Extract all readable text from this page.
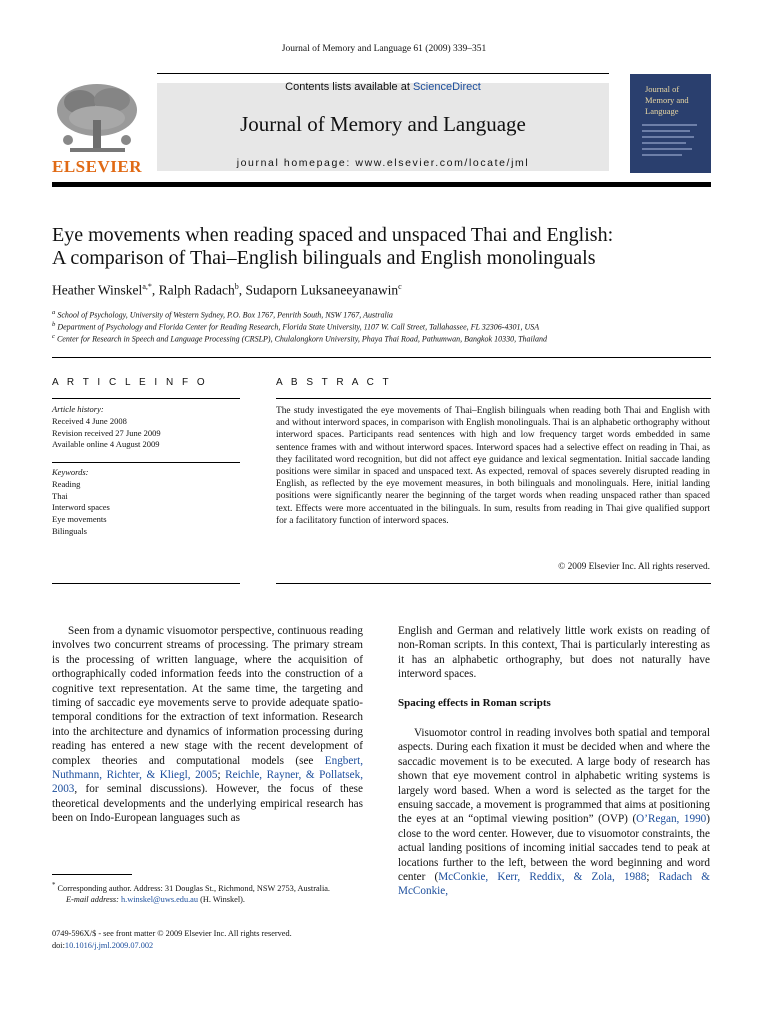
Journal of Memory and Language 61 (2009) 339–351
ELSEVIER
Contents lists available at ScienceDirect
Journal of Memory and Language
journal homepage: www.elsevier.com/locate/jml
Journal of
Memory and
Language
Eye movements when reading spaced and unspaced Thai and English:
A comparison of Thai–English bilinguals and English monolinguals
Heather Winskel$^{a,*}$, Ralph Radach$^b$, Sudaporn Luksaneeyanawin$^c$
$^a$ School of Psychology, University of Western Sydney, P.O. Box 1767, Penrith South, NSW 1767, Australia
$^b$ Department of Psychology and Florida Center for Reading Research, Florida State University, 1107 W. Call Street, Tallahassee, FL 32306-4301, USA
$^c$ Center for Research in Speech and Language Processing (CRSLP), Chulalongkorn University, Phaya Thai Road, Pathumwan, Bangkok 10330, Thailand
A R T I C L E I N F O
Article history:
Received 4 June 2008
Revision received 27 June 2009
Available online 4 August 2009
Keywords:
Reading
Thai
Interword spaces
Eye movements
Bilinguals
A B S T R A C T
The study investigated the eye movements of Thai–English bilinguals when reading both Thai and English with and without interword spaces, in comparison with English monolinguals. Thai is an alphabetic orthography without interword spaces. Participants read sentences with high and low frequency target words embedded in same sentence frames with and without interword spaces. Interword spaces had a selective effect on reading in Thai, as they facilitated word recognition, but did not affect eye guidance and lexical segmentation. Initial saccade landing positions were similar in spaced and unspaced text. As expected, removal of spaces severely disrupted reading in English, as reflected by the eye movement measures, in both bilinguals and monolinguals. Here, initial landing positions were significantly nearer the beginning of the target words when reading unspaced rather than spaced text. Effects were more accentuated in the bilinguals. In sum, results from reading in Thai give qualified support for a facilitatory function of interword spaces.
© 2009 Elsevier Inc. All rights reserved.
Seen from a dynamic visuomotor perspective, continuous reading involves two concurrent streams of processing. The primary stream is the processing of written language, where the acquisition of orthographically coded information feeds into the construction of a cognitive text representation. At the same time, the targeting and timing of saccadic eye movements serve to provide adequate spatio-temporal conditions for the extraction of text information. Research into the architecture and dynamics of information processing during reading has entered a new stage with the recent development of complex theories and computational models (see Engbert, Nuthmann, Richter, & Kliegl, 2005; Reichle, Rayner, & Pollatsek, 2003, for seminal discussions). However, the focus of these theoretical developments and the underlying empirical research has been on Indo-European languages such as
English and German and relatively little work exists on reading of non-Roman scripts. In this context, Thai is particularly interesting as it has an alphabetic orthography, but does not naturally have interword spaces.
Spacing effects in Roman scripts
Visuomotor control in reading involves both spatial and temporal aspects. During each fixation it must be decided when and where the saccadic movement is to be executed. A large body of research has shown that eye movement control in alphabetic writing systems is largely word based. When a word is selected as the target for the ensuing saccade, a movement is programmed that aims at positioning the eyes at an “optimal viewing position” (OVP) (O’Regan, 1990) close to the word center. However, due to visuomotor constraints, the actual landing positions of incoming initial saccades tend to peak at locations further to the left, between the word beginning and word center (McConkie, Kerr, Reddix, & Zola, 1988; Radach & McConkie,
* Corresponding author. Address: 31 Douglas St., Richmond, NSW 2753, Australia.
E-mail address: h.winskel@uws.edu.au (H. Winskel).
0749-596X/$ - see front matter © 2009 Elsevier Inc. All rights reserved.
doi:10.1016/j.jml.2009.07.002
